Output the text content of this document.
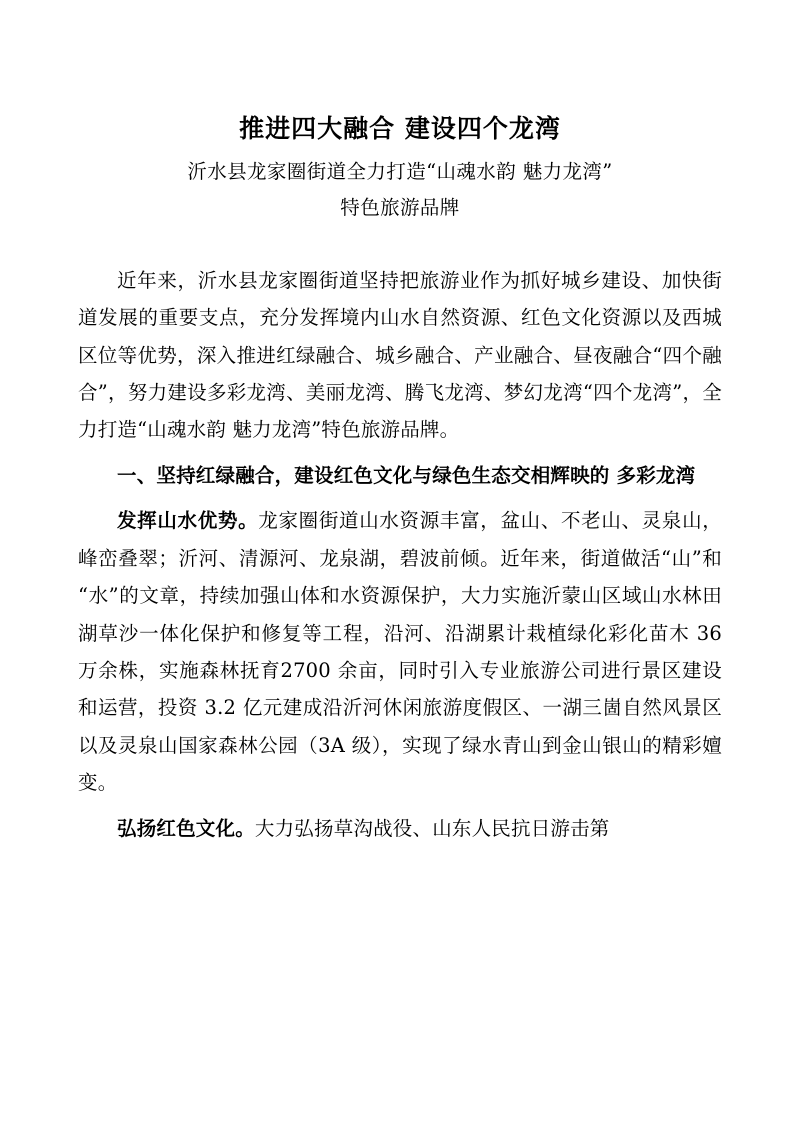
推进四大融合 建设四个龙湾
沂水县龙家圈街道全力打造“山魂水韵 魅力龙湾”
特色旅游品牌

近年来，沂水县龙家圈街道坚持把旅游业作为抓好城乡建设、加快街道发展的重要支点，充分发挥境内山水自然资源、红色文化资源以及西城区位等优势，深入推进红绿融合、城乡融合、产业融合、昼夜融合“四个融合”，努力建设多彩龙湾、美丽龙湾、腾飞龙湾、梦幻龙湾“四个龙湾”，全力打造“山魂水韵 魅力龙湾”特色旅游品牌。

一、坚持红绿融合，建设红色文化与绿色生态交相辉映的 多彩龙湾

发挥山水优势。龙家圈街道山水资源丰富，盆山、不老山、灵泉山，峰峦叠翠；沂河、清源河、龙泉湖，碧波前倾。近年来，街道做活“山”和“水”的文章，持续加强山体和水资源保护，大力实施沂蒙山区域山水林田湖草沙一体化保护和修复等工程，沿河、沿湖累计栽植绿化彩化苗木 36 万余株，实施森林抚育2700 余亩，同时引入专业旅游公司进行景区建设和运营，投资 3.2 亿元建成沿沂河休闲旅游度假区、一湖三崮自然风景区以及灵泉山国家森林公园（3A 级），实现了绿水青山到金山银山的精彩嬗变。

弘扬红色文化。大力弘扬草沟战役、山东人民抗日游击第
